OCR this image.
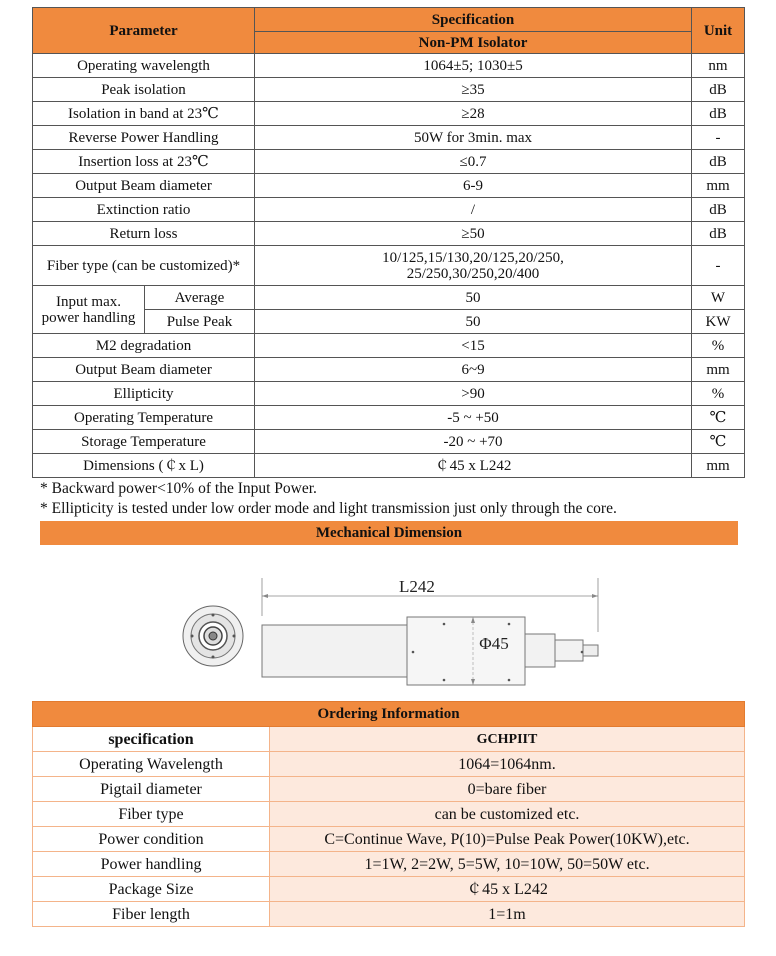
Parameter		Specification	Unit
		Non-PM Isolator	
Operating wavelength		1064±5; 1030±5	nm
Peak isolation		≥35	dB
Isolation in band at 23℃		≥28	dB
Reverse Power Handling		50W for 3min. max	-
Insertion loss at 23℃		≤0.7	dB
Output Beam diameter		6-9	mm
Extinction ratio		/	dB
Return loss		≥50	dB
Fiber type (can be customized)*		10/125,15/130,20/125,20/250,
25/250,30/250,20/400	-

Input max.
power handling	Average	50	W
	Pulse Peak	50	KW
M2 degradation		<15	%
Output Beam diameter		6~9	mm
Ellipticity		>90	%
Operating Temperature		-5 ~ +50	℃
Storage Temperature		-20 ~ +70	℃
Dimensions (￠x L)		￠45 x L242	mm
* Backward power<10% of the Input Power.
* Ellipticity is tested under low order mode and light transmission just only through the core.
Mechanical Dimension
L242
Φ45
Ordering Information	
specification	GCHPIIT
Operating Wavelength	1064=1064nm.
Pigtail diameter	0=bare fiber
Fiber type	can be customized etc.
Power condition	C=Continue Wave, P(10)=Pulse Peak Power(10KW),etc.
Power handling	1=1W, 2=2W, 5=5W, 10=10W, 50=50W etc.
Package Size	￠45 x L242
Fiber length	1=1m
